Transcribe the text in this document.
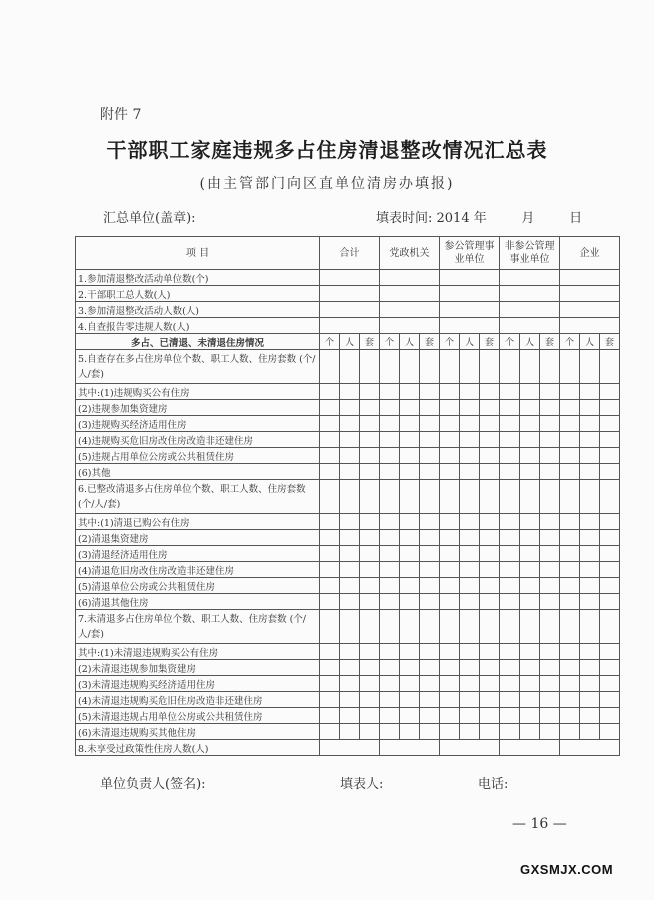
附件 7
干部职工家庭违规多占住房清退整改情况汇总表
(由主管部门向区直单位清房办填报)
汇总单位(盖章):	填表时间: 2014 年	月	日
项 目	合计			党政机关			参公管理事业单位			非参公管理事业单位			企业		
1.参加清退整改活动单位数(个)															
2.干部职工总人数(人)															
3.参加清退整改活动人数(人)															
4.自查报告零违规人数(人)															
多占、已清退、未清退住房情况	个	人	套	个	人	套	个	人	套	个	人	套	个	人	套
5.自查存在多占住房单位个数、职工人数、住房套数 (个/人/套)															
其中:(1)违规购买公有住房															
(2)违规参加集资建房															
(3)违规购买经济适用住房															
(4)违规购买危旧房改住房改造非还建住房															
(5)违规占用单位公房或公共租赁住房															
(6)其他															
6.已整改清退多占住房单位个数、职工人数、住房套数 (个/人/套)															
其中:(1)清退已购公有住房															
(2)清退集资建房															
(3)清退经济适用住房															
(4)清退危旧房改住房改造非还建住房															
(5)清退单位公房或公共租赁住房															
(6)清退其他住房															
7.未清退多占住房单位个数、职工人数、住房套数 (个/人/套)															
其中:(1)未清退违规购买公有住房															
(2)未清退违规参加集资建房															
(3)未清退违规购买经济适用住房															
(4)未清退违规购买危旧住房改造非还建住房															
(5)未清退违规占用单位公房或公共租赁住房															
(6)未清退违规购买其他住房															
8.未享受过政策性住房人数(人)															
单位负责人(签名):	填表人:	电话:
— 16 —
GXSMJX.COM
